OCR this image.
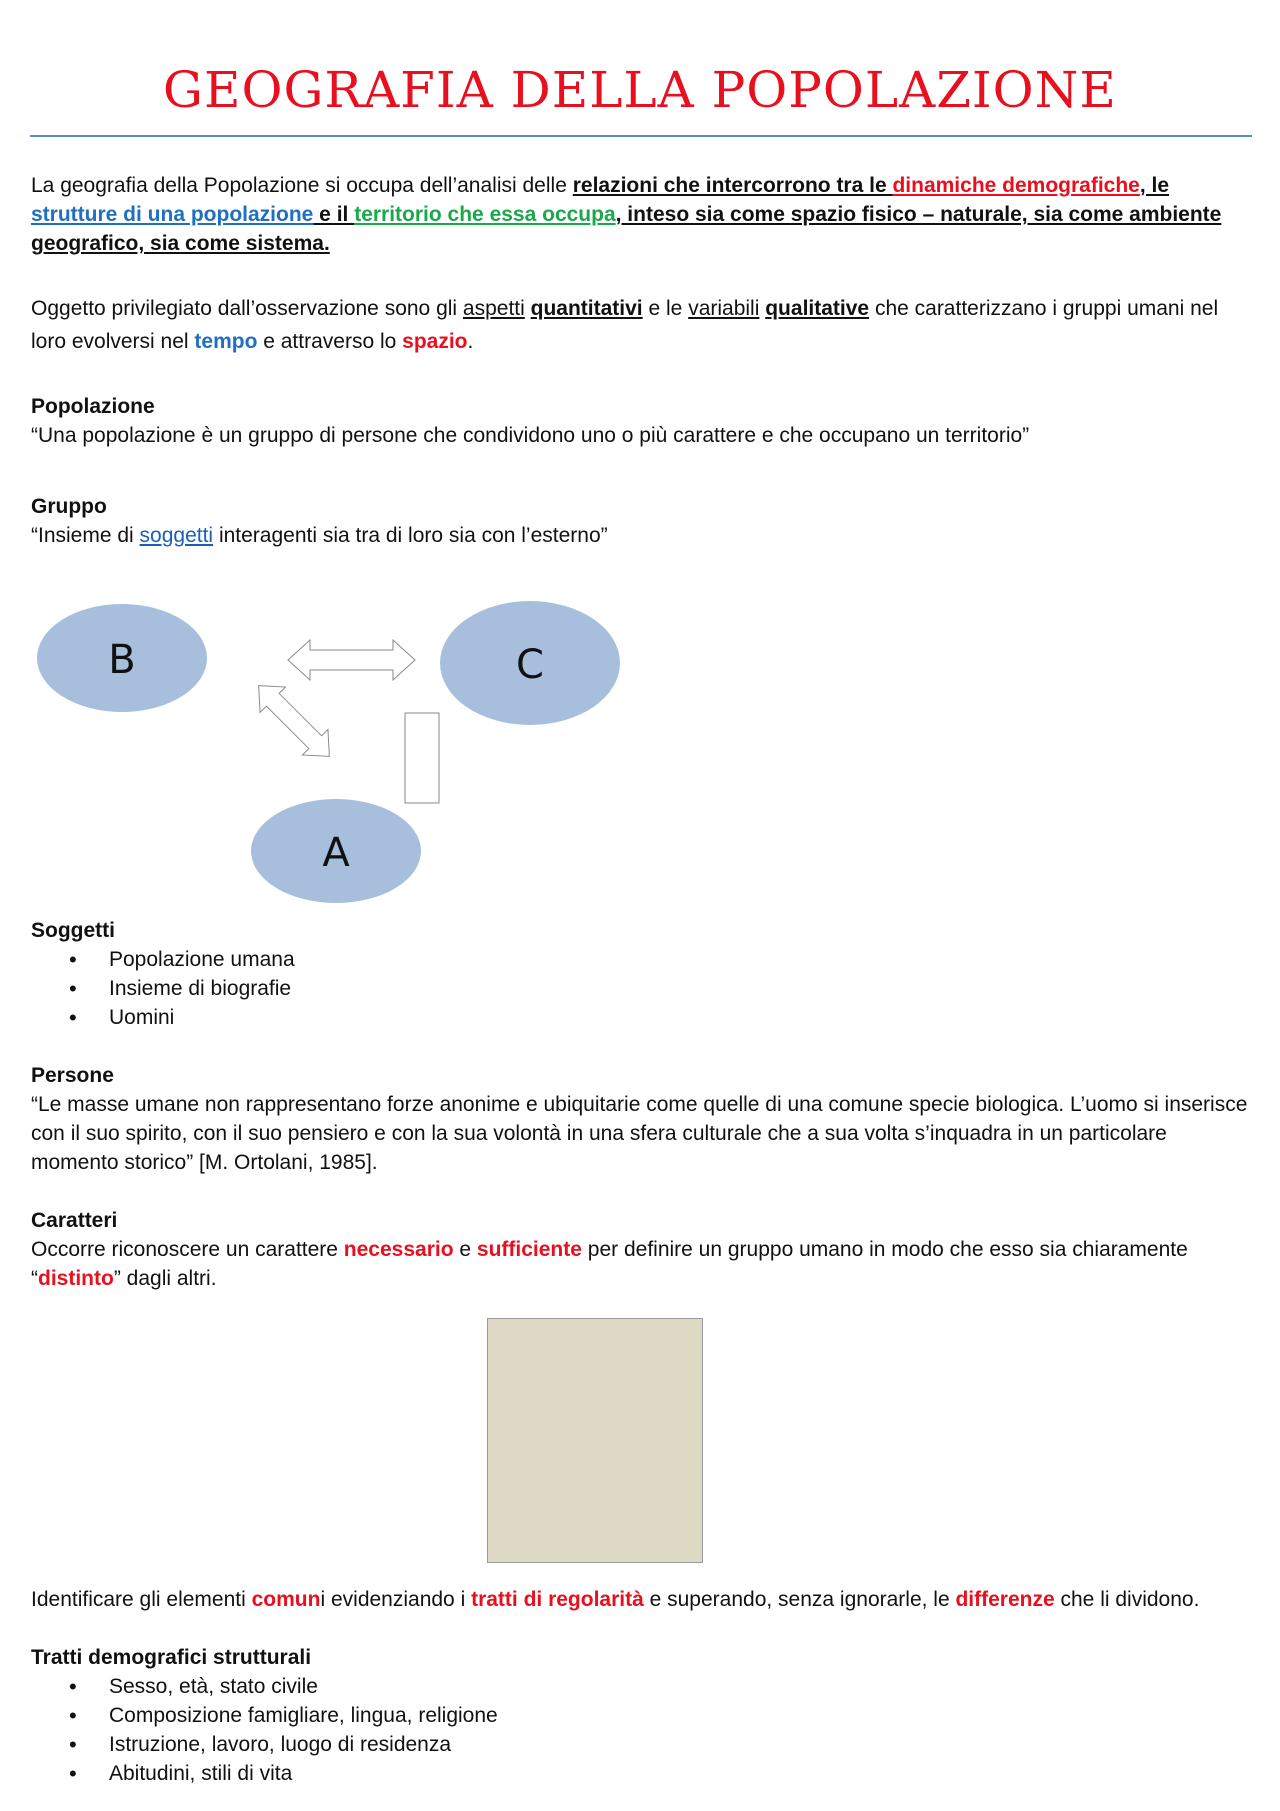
GEOGRAFIA DELLA POPOLAZIONE

La geografia della Popolazione si occupa dell’analisi delle relazioni che intercorrono tra le dinamiche demografiche, le strutture di una popolazione e il territorio che essa occupa, inteso sia come spazio fisico – naturale, sia come ambiente geografico, sia come sistema.

Oggetto privilegiato dall’osservazione sono gli aspetti quantitativi e le variabili qualitative che caratterizzano i gruppi umani nel loro evolversi nel tempo e attraverso lo spazio.

Popolazione

“Una popolazione è un gruppo di persone che condividono uno o più carattere e che occupano un territorio”

Gruppo

“Insieme di soggetti interagenti sia tra di loro sia con l’esterno”

B	C
A

Soggetti

• Popolazione umana
• Insieme di biografie
• Uomini

Persone

“Le masse umane non rappresentano forze anonime e ubiquitarie come quelle di una comune specie biologica. L’uomo si inserisce con il suo spirito, con il suo pensiero e con la sua volontà in una sfera culturale che a sua volta s’inquadra in un particolare momento storico” [M. Ortolani, 1985].

Caratteri

Occorre riconoscere un carattere necessario e sufficiente per definire un gruppo umano in modo che esso sia chiaramente “distinto” dagli altri.

Identificare gli elementi comuni evidenziando i tratti di regolarità e superando, senza ignorarle, le differenze che li dividono.

Tratti demografici strutturali

• Sesso, età, stato civile
• Composizione famigliare, lingua, religione
• Istruzione, lavoro, luogo di residenza
• Abitudini, stili di vita
